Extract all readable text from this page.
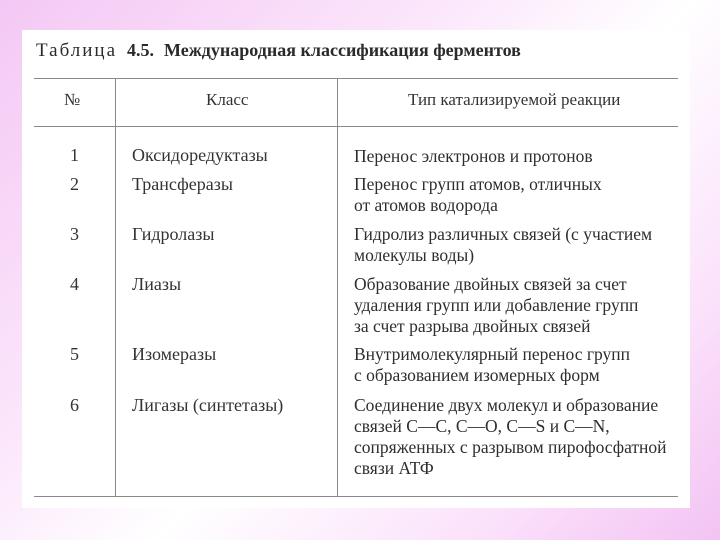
Таблица 4.5. Международная классификация ферментов
№	Класс	Тип катализируемой реакции
1	Оксидоредуктазы	Перенос электронов и протонов
2	Трансферазы	Перенос групп атомов, отличных
от атомов водорода
3	Гидролазы	Гидролиз различных связей (с участием
молекулы воды)
4	Лиазы	Образование двойных связей за счет
удаления групп или добавление групп
за счет разрыва двойных связей
5	Изомеразы	Внутримолекулярный перенос групп
с образованием изомерных форм
6	Лигазы (синтетазы)	Соединение двух молекул и образование
связей C—C, C—O, C—S и C—N,
сопряженных с разрывом пирофосфатной
связи АТФ
